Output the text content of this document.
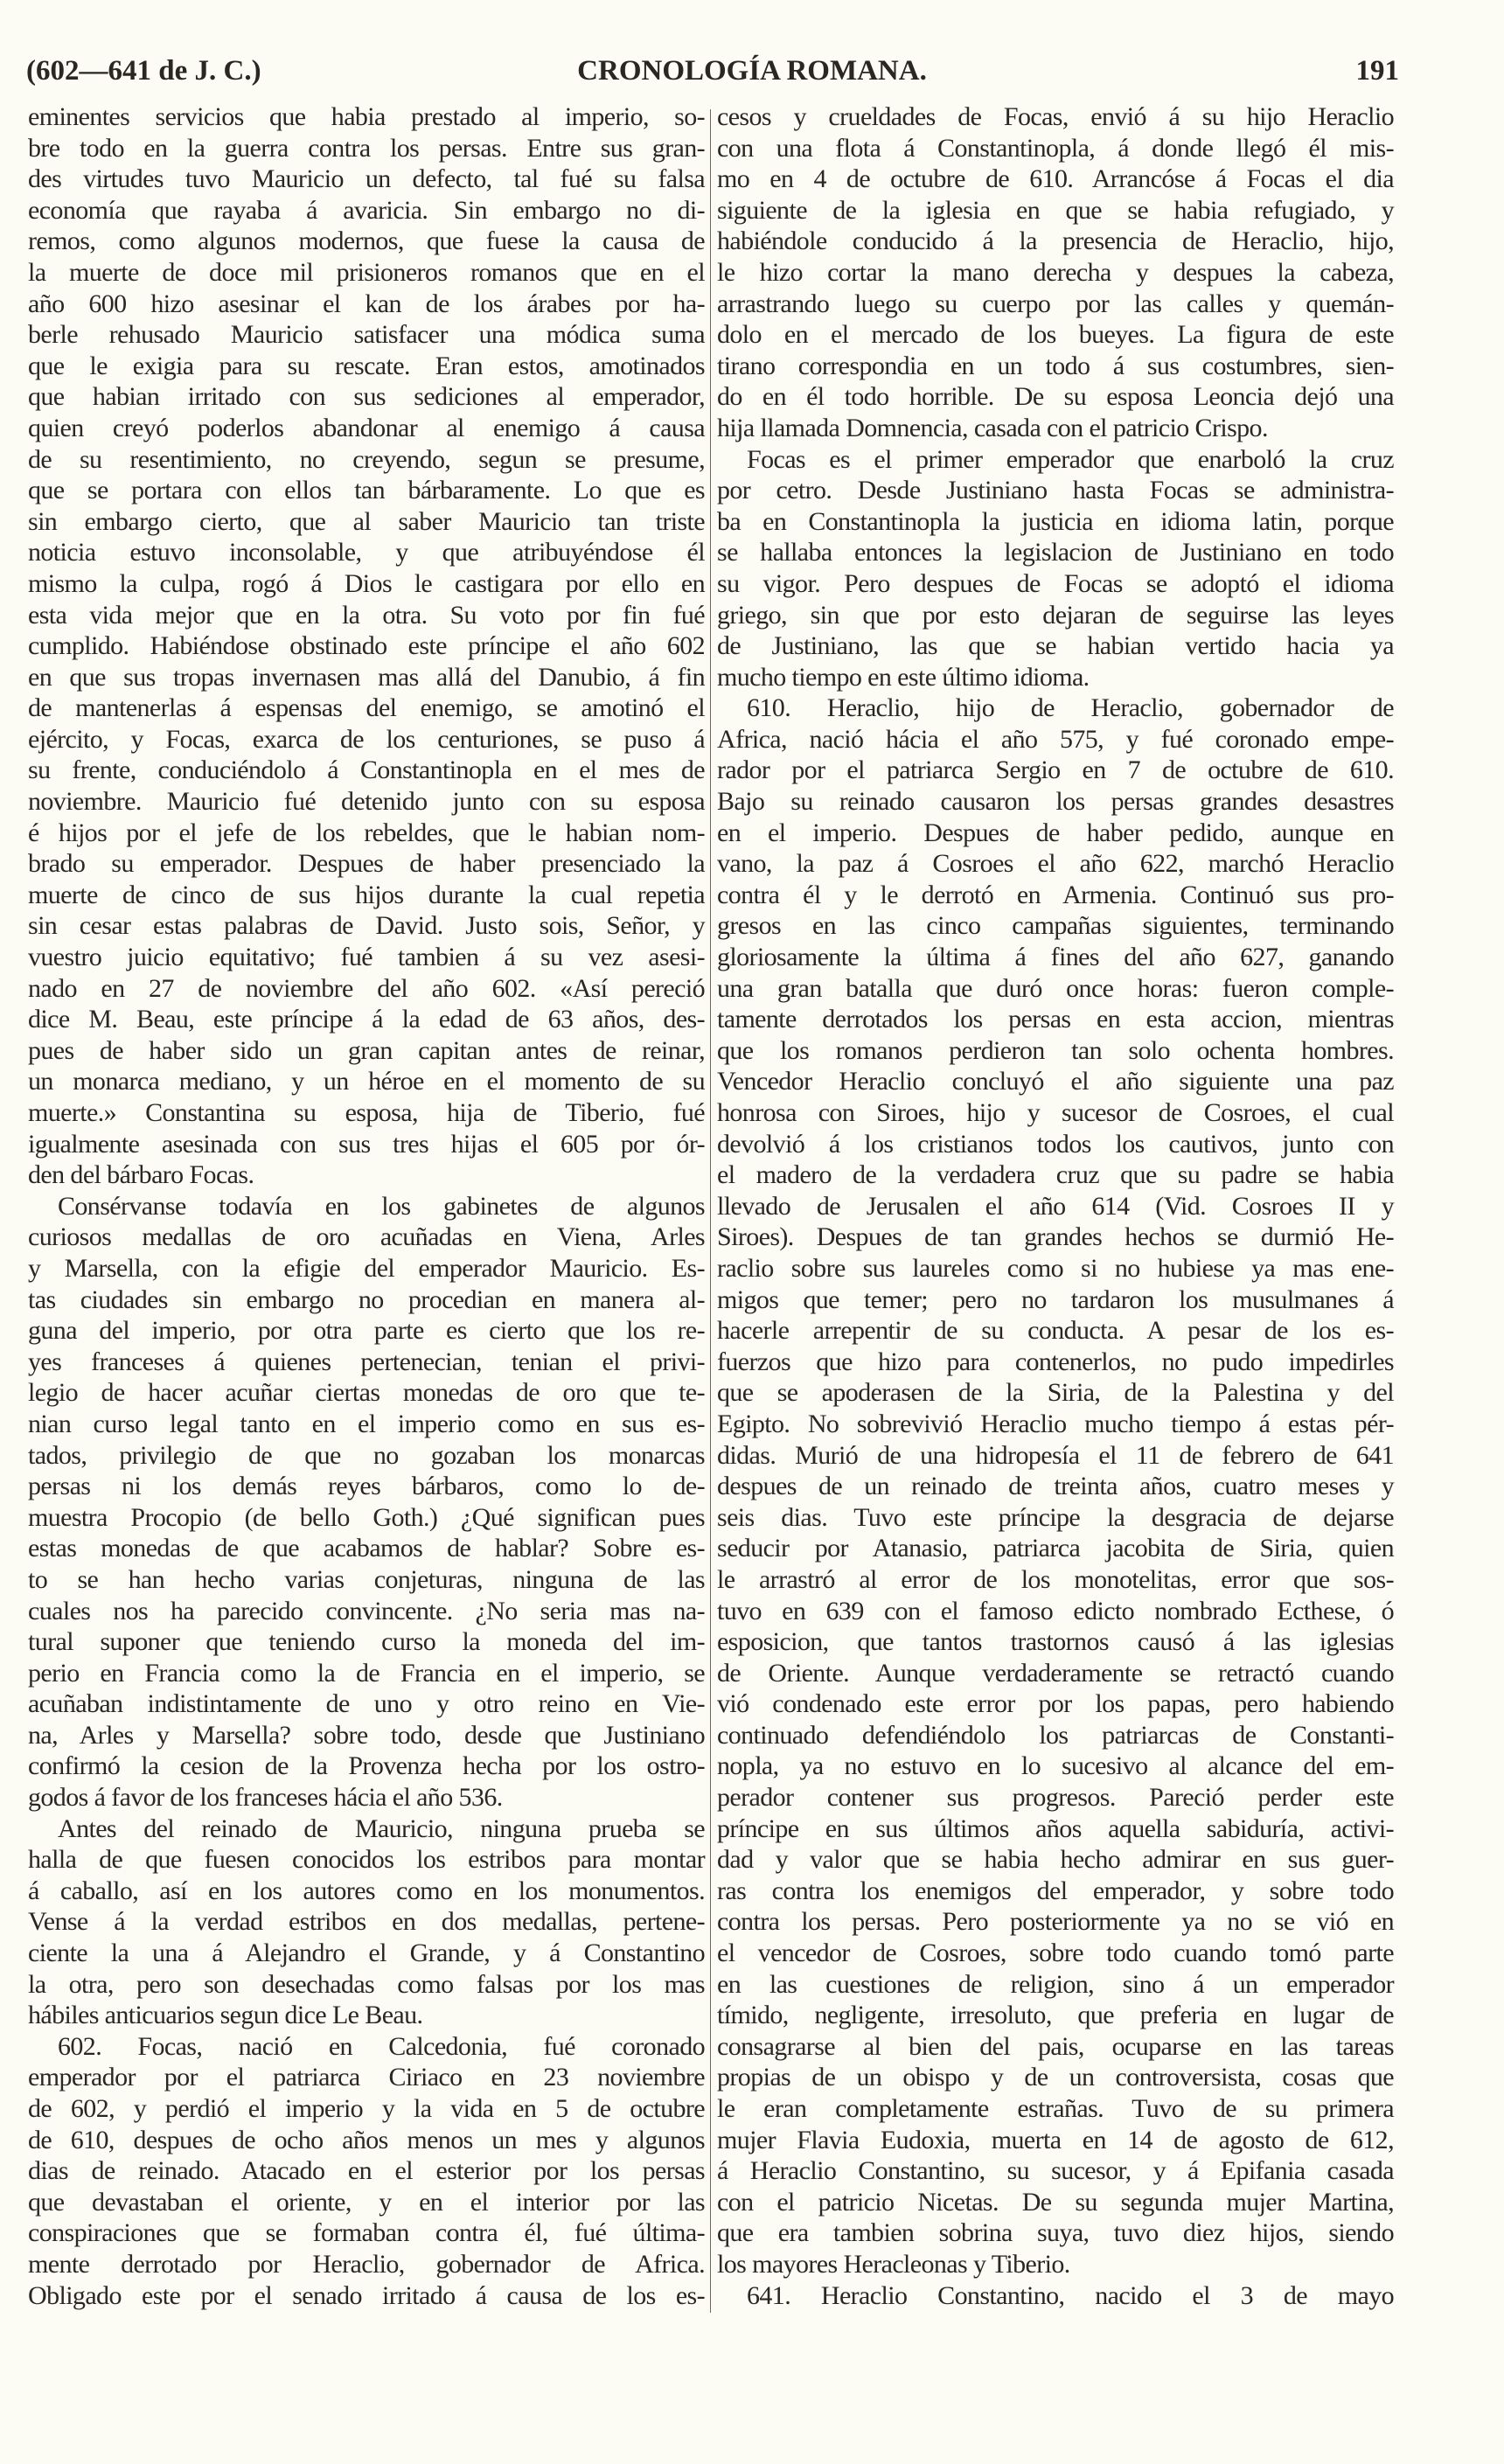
(602—641 de J. C.)	CRONOLOGÍA ROMANA.	191
eminentes servicios que habia prestado al imperio, so-
bre todo en la guerra contra los persas. Entre sus gran-
des virtudes tuvo Mauricio un defecto, tal fué su falsa
economía que rayaba á avaricia. Sin embargo no di-
remos, como algunos modernos, que fuese la causa de
la muerte de doce mil prisioneros romanos que en el
año 600 hizo asesinar el kan de los árabes por ha-
berle rehusado Mauricio satisfacer una módica suma
que le exigia para su rescate. Eran estos, amotinados
que habian irritado con sus sediciones al emperador,
quien creyó poderlos abandonar al enemigo á causa
de su resentimiento, no creyendo, segun se presume,
que se portara con ellos tan bárbaramente. Lo que es
sin embargo cierto, que al saber Mauricio tan triste
noticia estuvo inconsolable, y que atribuyéndose él
mismo la culpa, rogó á Dios le castigara por ello en
esta vida mejor que en la otra. Su voto por fin fué
cumplido. Habiéndose obstinado este príncipe el año 602
en que sus tropas invernasen mas allá del Danubio, á fin
de mantenerlas á espensas del enemigo, se amotinó el
ejército, y Focas, exarca de los centuriones, se puso á
su frente, conduciéndolo á Constantinopla en el mes de
noviembre. Mauricio fué detenido junto con su esposa
é hijos por el jefe de los rebeldes, que le habian nom-
brado su emperador. Despues de haber presenciado la
muerte de cinco de sus hijos durante la cual repetia
sin cesar estas palabras de David. Justo sois, Señor, y
vuestro juicio equitativo; fué tambien á su vez asesi-
nado en 27 de noviembre del año 602. «Así pereció
dice M. Beau, este príncipe á la edad de 63 años, des-
pues de haber sido un gran capitan antes de reinar,
un monarca mediano, y un héroe en el momento de su
muerte.» Constantina su esposa, hija de Tiberio, fué
igualmente asesinada con sus tres hijas el 605 por ór-
den del bárbaro Focas.
Consérvanse todavía en los gabinetes de algunos
curiosos medallas de oro acuñadas en Viena, Arles
y Marsella, con la efigie del emperador Mauricio. Es-
tas ciudades sin embargo no procedian en manera al-
guna del imperio, por otra parte es cierto que los re-
yes franceses á quienes pertenecian, tenian el privi-
legio de hacer acuñar ciertas monedas de oro que te-
nian curso legal tanto en el imperio como en sus es-
tados, privilegio de que no gozaban los monarcas
persas ni los demás reyes bárbaros, como lo de-
muestra Procopio (de bello Goth.) ¿Qué significan pues
estas monedas de que acabamos de hablar? Sobre es-
to se han hecho varias conjeturas, ninguna de las
cuales nos ha parecido convincente. ¿No seria mas na-
tural suponer que teniendo curso la moneda del im-
perio en Francia como la de Francia en el imperio, se
acuñaban indistintamente de uno y otro reino en Vie-
na, Arles y Marsella? sobre todo, desde que Justiniano
confirmó la cesion de la Provenza hecha por los ostro-
godos á favor de los franceses hácia el año 536.
Antes del reinado de Mauricio, ninguna prueba se
halla de que fuesen conocidos los estribos para montar
á caballo, así en los autores como en los monumentos.
Vense á la verdad estribos en dos medallas, pertene-
ciente la una á Alejandro el Grande, y á Constantino
la otra, pero son desechadas como falsas por los mas
hábiles anticuarios segun dice Le Beau.
602. Focas, nació en Calcedonia, fué coronado
emperador por el patriarca Ciriaco en 23 noviembre
de 602, y perdió el imperio y la vida en 5 de octubre
de 610, despues de ocho años menos un mes y algunos
dias de reinado. Atacado en el esterior por los persas
que devastaban el oriente, y en el interior por las
conspiraciones que se formaban contra él, fué última-
mente derrotado por Heraclio, gobernador de Africa.
Obligado este por el senado irritado á causa de los es-
cesos y crueldades de Focas, envió á su hijo Heraclio
con una flota á Constantinopla, á donde llegó él mis-
mo en 4 de octubre de 610. Arrancóse á Focas el dia
siguiente de la iglesia en que se habia refugiado, y
habiéndole conducido á la presencia de Heraclio, hijo,
le hizo cortar la mano derecha y despues la cabeza,
arrastrando luego su cuerpo por las calles y quemán-
dolo en el mercado de los bueyes. La figura de este
tirano correspondia en un todo á sus costumbres, sien-
do en él todo horrible. De su esposa Leoncia dejó una
hija llamada Domnencia, casada con el patricio Crispo.
Focas es el primer emperador que enarboló la cruz
por cetro. Desde Justiniano hasta Focas se administra-
ba en Constantinopla la justicia en idioma latin, porque
se hallaba entonces la legislacion de Justiniano en todo
su vigor. Pero despues de Focas se adoptó el idioma
griego, sin que por esto dejaran de seguirse las leyes
de Justiniano, las que se habian vertido hacia ya
mucho tiempo en este último idioma.
610. Heraclio, hijo de Heraclio, gobernador de
Africa, nació hácia el año 575, y fué coronado empe-
rador por el patriarca Sergio en 7 de octubre de 610.
Bajo su reinado causaron los persas grandes desastres
en el imperio. Despues de haber pedido, aunque en
vano, la paz á Cosroes el año 622, marchó Heraclio
contra él y le derrotó en Armenia. Continuó sus pro-
gresos en las cinco campañas siguientes, terminando
gloriosamente la última á fines del año 627, ganando
una gran batalla que duró once horas: fueron comple-
tamente derrotados los persas en esta accion, mientras
que los romanos perdieron tan solo ochenta hombres.
Vencedor Heraclio concluyó el año siguiente una paz
honrosa con Siroes, hijo y sucesor de Cosroes, el cual
devolvió á los cristianos todos los cautivos, junto con
el madero de la verdadera cruz que su padre se habia
llevado de Jerusalen el año 614 (Vid. Cosroes II y
Siroes). Despues de tan grandes hechos se durmió He-
raclio sobre sus laureles como si no hubiese ya mas ene-
migos que temer; pero no tardaron los musulmanes á
hacerle arrepentir de su conducta. A pesar de los es-
fuerzos que hizo para contenerlos, no pudo impedirles
que se apoderasen de la Siria, de la Palestina y del
Egipto. No sobrevivió Heraclio mucho tiempo á estas pér-
didas. Murió de una hidropesía el 11 de febrero de 641
despues de un reinado de treinta años, cuatro meses y
seis dias. Tuvo este príncipe la desgracia de dejarse
seducir por Atanasio, patriarca jacobita de Siria, quien
le arrastró al error de los monotelitas, error que sos-
tuvo en 639 con el famoso edicto nombrado Ecthese, ó
esposicion, que tantos trastornos causó á las iglesias
de Oriente. Aunque verdaderamente se retractó cuando
vió condenado este error por los papas, pero habiendo
continuado defendiéndolo los patriarcas de Constanti-
nopla, ya no estuvo en lo sucesivo al alcance del em-
perador contener sus progresos. Pareció perder este
príncipe en sus últimos años aquella sabiduría, activi-
dad y valor que se habia hecho admirar en sus guer-
ras contra los enemigos del emperador, y sobre todo
contra los persas. Pero posteriormente ya no se vió en
el vencedor de Cosroes, sobre todo cuando tomó parte
en las cuestiones de religion, sino á un emperador
tímido, negligente, irresoluto, que preferia en lugar de
consagrarse al bien del pais, ocuparse en las tareas
propias de un obispo y de un controversista, cosas que
le eran completamente estrañas. Tuvo de su primera
mujer Flavia Eudoxia, muerta en 14 de agosto de 612,
á Heraclio Constantino, su sucesor, y á Epifania casada
con el patricio Nicetas. De su segunda mujer Martina,
que era tambien sobrina suya, tuvo diez hijos, siendo
los mayores Heracleonas y Tiberio.
641. Heraclio Constantino, nacido el 3 de mayo
